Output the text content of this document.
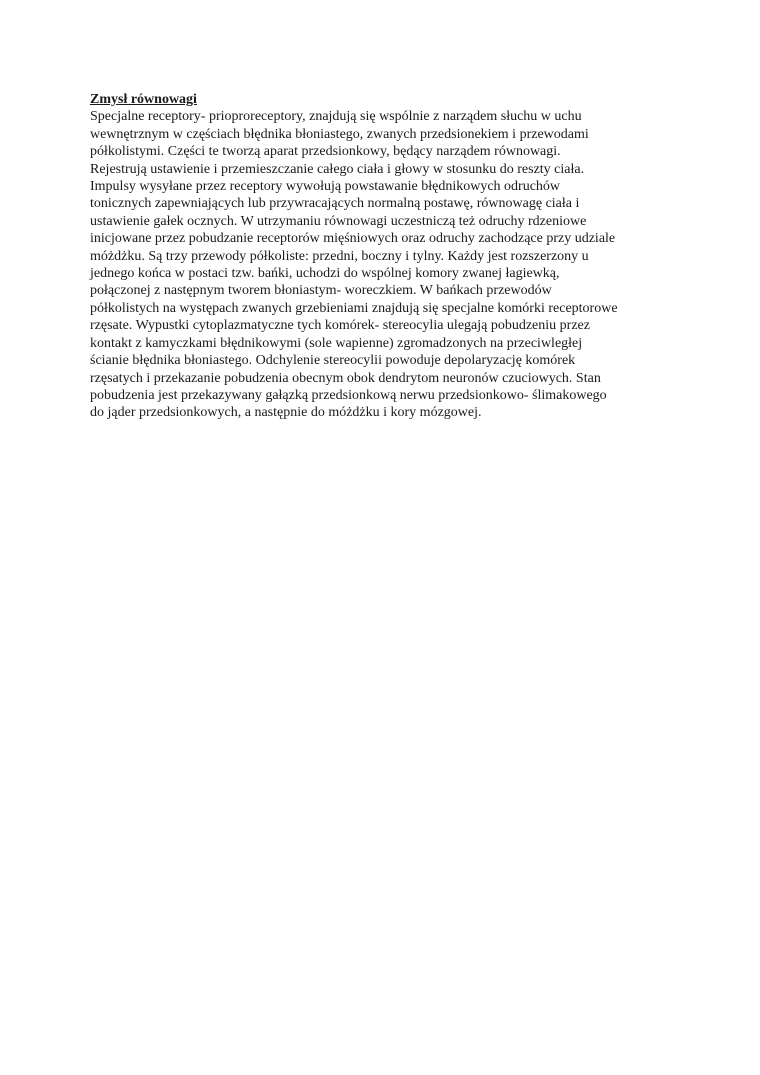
Zmysł równowagi
Specjalne receptory- prioproreceptory, znajdują się wspólnie z narządem słuchu w uchu
wewnętrznym w częściach błędnika błoniastego, zwanych przedsionekiem i przewodami
półkolistymi. Części te tworzą aparat przedsionkowy, będący narządem równowagi.
Rejestrują ustawienie i przemieszczanie całego ciała i głowy w stosunku do reszty ciała.
Impulsy wysyłane przez receptory wywołują powstawanie błędnikowych odruchów
tonicznych zapewniających lub przywracających normalną postawę, równowagę ciała i
ustawienie gałek ocznych. W utrzymaniu równowagi uczestniczą też odruchy rdzeniowe
inicjowane przez pobudzanie receptorów mięśniowych oraz odruchy zachodzące przy udziale
móżdżku. Są trzy przewody półkoliste: przedni, boczny i tylny. Każdy jest rozszerzony u
jednego końca w postaci tzw. bańki, uchodzi do wspólnej komory zwanej łagiewką,
połączonej z następnym tworem błoniastym- woreczkiem. W bańkach przewodów
półkolistych na występach zwanych grzebieniami znajdują się specjalne komórki receptorowe
rzęsate. Wypustki cytoplazmatyczne tych komórek- stereocylia ulegają pobudzeniu przez
kontakt z kamyczkami błędnikowymi (sole wapienne) zgromadzonych na przeciwległej
ścianie błędnika błoniastego. Odchylenie stereocylii powoduje depolaryzację komórek
rzęsatych i przekazanie pobudzenia obecnym obok dendrytom neuronów czuciowych. Stan
pobudzenia jest przekazywany gałązką przedsionkową nerwu przedsionkowo- ślimakowego
do jąder przedsionkowych, a następnie do móżdżku i kory mózgowej.
